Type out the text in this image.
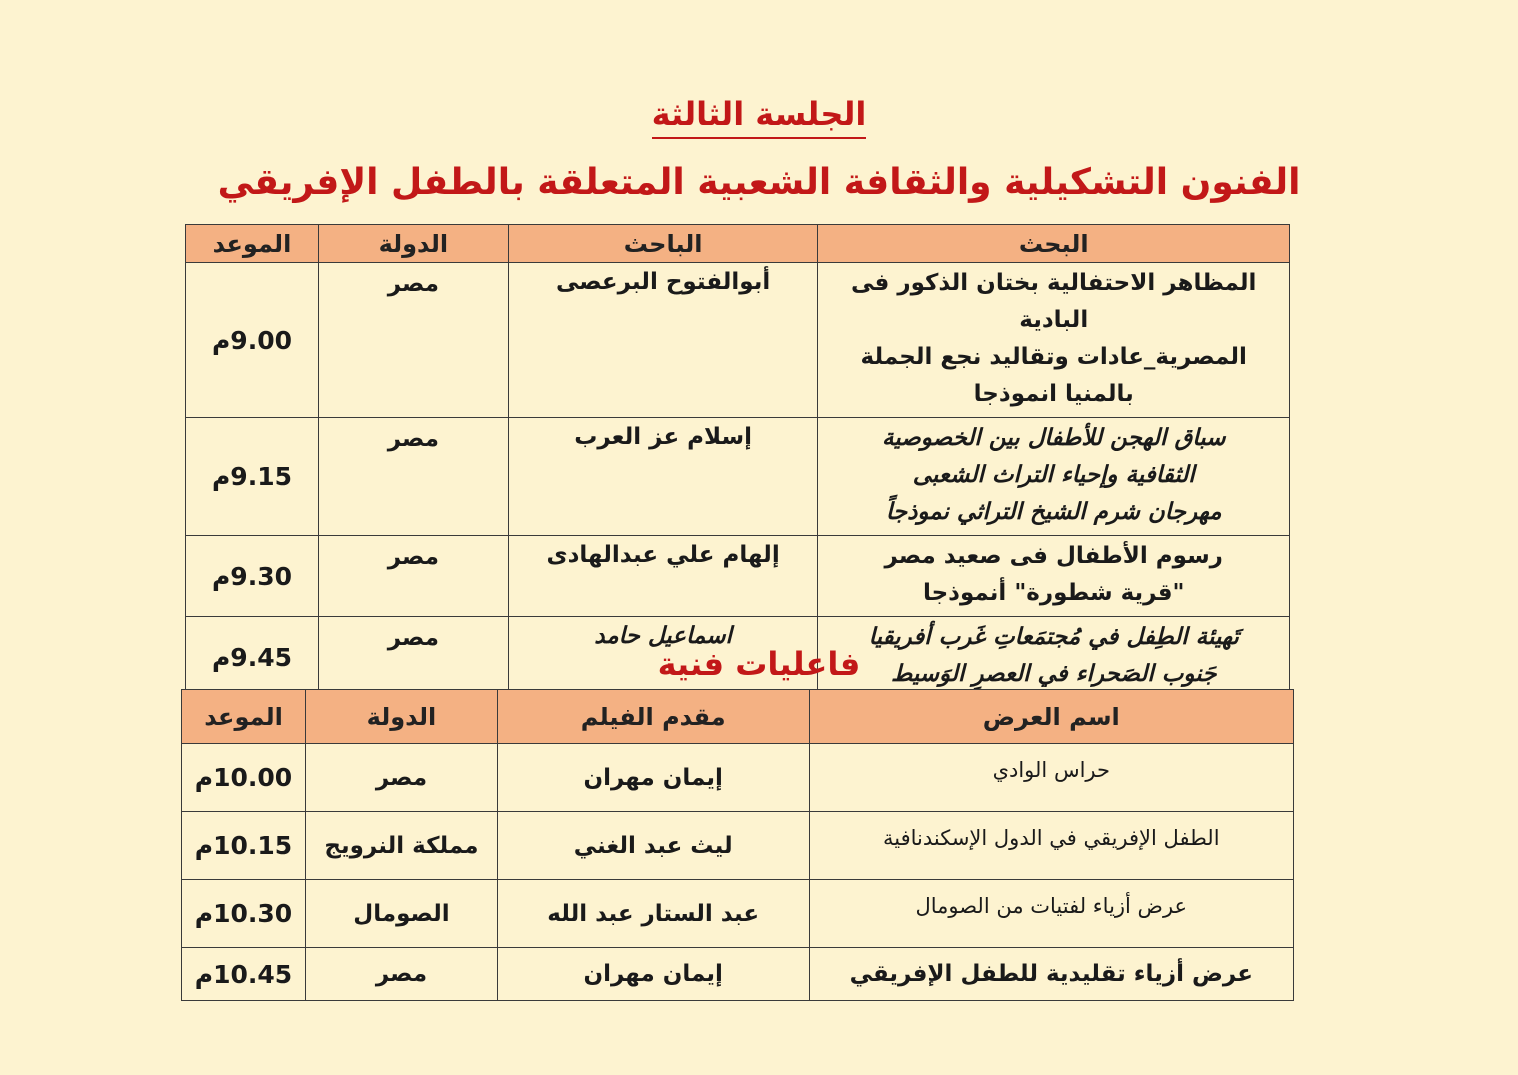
الجلسة الثالثة
الفنون التشكيلية والثقافة الشعبية المتعلقة بالطفل الإفريقي
البحث	الباحث	الدولة	الموعد

المظاهر الاحتفالية بختان الذكور فى البادية
المصرية_عادات وتقاليد نجع الجملة
بالمنيا انموذجا	أبوالفتوح البرعصى	مصر	9.00م

سباق الهجن للأطفال بين الخصوصية
الثقافية وإحياء التراث الشعبى
مهرجان شرم الشيخ التراثي نموذجاً	إسلام عز العرب	مصر	9.15م

رسوم الأطفال فى صعيد مصر
"قرية شطورة" أنموذجا	إلهام علي عبدالهادى	مصر	9.30م

تَهيئة الطِفل في مُجتمَعاتِ غَرب أفريقيا
جَنوب الصَحراء في العصرِ الوَسيط	اسماعيل حامد	مصر	9.45م	فاعليات فنية
اسم العرض	مقدم الفيلم	الدولة	الموعد
حراس الوادي	إيمان مهران	مصر	10.00م
الطفل الإفريقي في الدول الإسكندنافية	ليث عبد الغني	مملكة النرويج	10.15م
عرض أزياء لفتيات من الصومال	عبد الستار عبد الله	الصومال	10.30م
عرض أزياء تقليدية للطفل الإفريقي	إيمان مهران	مصر	10.45م
